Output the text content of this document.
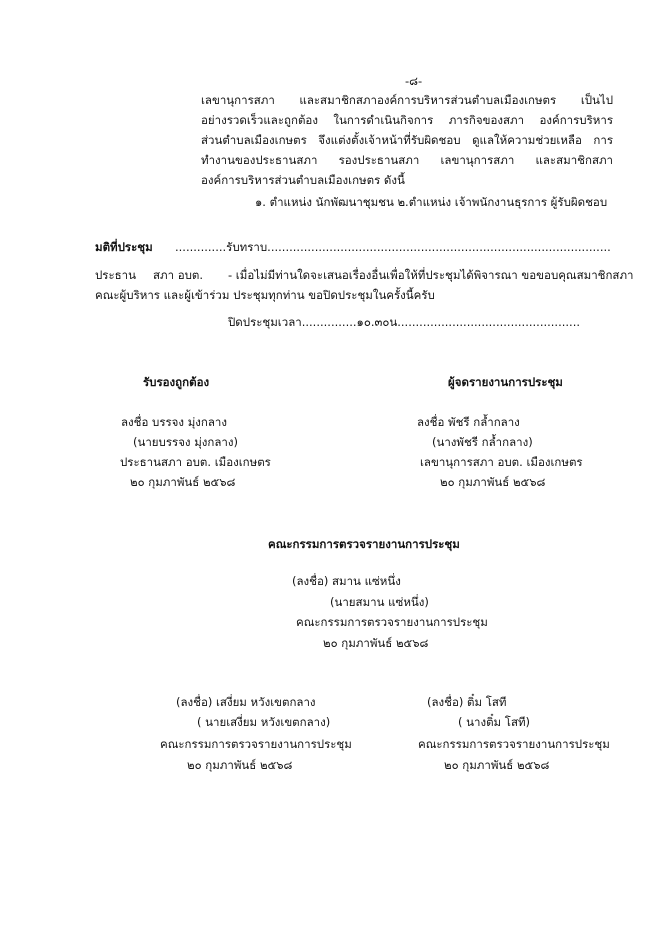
-๘-
เลขานุการสภา และสมาชิกสภาองค์การบริหารส่วนตำบลเมืองเกษตร เป็นไป
อย่างรวดเร็วและถูกต้อง ในการดำเนินกิจการ ภารกิจของสภา องค์การบริหาร
ส่วนตำบลเมืองเกษตร จึงแต่งตั้งเจ้าหน้าที่รับผิดชอบ ดูแลให้ความช่วยเหลือ การ
ทำงานของประธานสภา รองประธานสภา เลขานุการสภา และสมาชิกสภา
องค์การบริหารส่วนตำบลเมืองเกษตร ดังนี้
๑. ตำแหน่ง นักพัฒนาชุมชน ๒.ตำแหน่ง เจ้าพนักงานธุรการ ผู้รับผิดชอบ
มติที่ประชุม ..............รับทราบ..............................................................................................
ประธาน สภา อบต. - เมื่อไม่มีท่านใดจะเสนอเรื่องอื่นเพื่อให้ที่ประชุมได้พิจารณา ขอขอบคุณสมาชิกสภา
คณะผู้บริหาร และผู้เข้าร่วม ประชุมทุกท่าน ขอปิดประชุมในครั้งนี้ครับ
ปิดประชุมเวลา...............๑๐.๓๐น..................................................
รับรองถูกต้อง
ลงชื่อ บรรจง มุ่งกลาง
(นายบรรจง มุ่งกลาง)
ประธานสภา อบต. เมืองเกษตร
๒๐ กุมภาพันธ์ ๒๕๖๘
ผู้จดรายงานการประชุม
ลงชื่อ พัชรี กล้ำกลาง
(นางพัชรี กล้ำกลาง)
เลขานุการสภา อบต. เมืองเกษตร
๒๐ กุมภาพันธ์ ๒๕๖๘
คณะกรรมการตรวจรายงานการประชุม
(ลงชื่อ) สมาน แซ่หนึ่ง
(นายสมาน แซ่หนึ่ง)
คณะกรรมการตรวจรายงานการประชุม
๒๐ กุมภาพันธ์ ๒๕๖๘
(ลงชื่อ) เสงี่ยม หวังเขตกลาง
( นายเสงี่ยม หวังเขตกลาง)
คณะกรรมการตรวจรายงานการประชุม
๒๐ กุมภาพันธ์ ๒๕๖๘
(ลงชื่อ) ติ๋ม โสที
( นางติ๋ม โสที)
คณะกรรมการตรวจรายงานการประชุม
๒๐ กุมภาพันธ์ ๒๕๖๘
